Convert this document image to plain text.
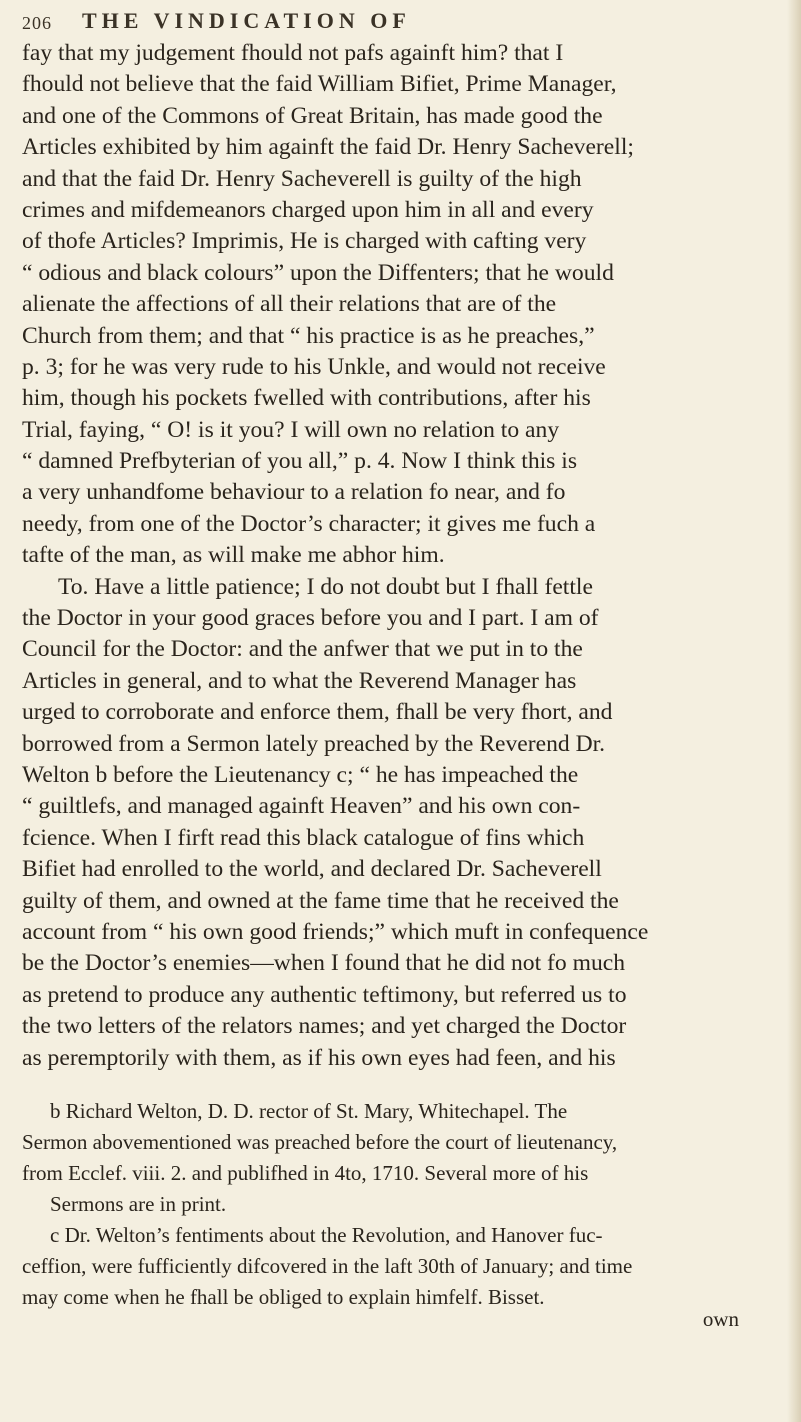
206 THE VINDICATION OF
fay that my judgement fhould not pafs againft him? that I
fhould not believe that the faid William Bifiet, Prime Manager,
and one of the Commons of Great Britain, has made good the
Articles exhibited by him againft the faid Dr. Henry Sacheverell;
and that the faid Dr. Henry Sacheverell is guilty of the high
crimes and mifdemeanors charged upon him in all and every
of thofe Articles? Imprimis, He is charged with cafting very
“ odious and black colours” upon the Diffenters; that he would
alienate the affections of all their relations that are of the
Church from them; and that “ his practice is as he preaches,”
p. 3; for he was very rude to his Unkle, and would not receive
him, though his pockets fwelled with contributions, after his
Trial, faying, “ O! is it you? I will own no relation to any
“ damned Prefbyterian of you all,” p. 4. Now I think this is
a very unhandfome behaviour to a relation fo near, and fo
needy, from one of the Doctor’s character; it gives me fuch a
tafte of the man, as will make me abhor him.
To. Have a little patience; I do not doubt but I fhall fettle
the Doctor in your good graces before you and I part. I am of
Council for the Doctor: and the anfwer that we put in to the
Articles in general, and to what the Reverend Manager has
urged to corroborate and enforce them, fhall be very fhort, and
borrowed from a Sermon lately preached by the Reverend Dr.
Welton b before the Lieutenancy c; “ he has impeached the
“ guiltlefs, and managed againft Heaven” and his own con-
fcience. When I firft read this black catalogue of fins which
Bifiet had enrolled to the world, and declared Dr. Sacheverell
guilty of them, and owned at the fame time that he received the
account from “ his own good friends;” which muft in confequence
be the Doctor’s enemies—when I found that he did not fo much
as pretend to produce any authentic teftimony, but referred us to
the two letters of the relators names; and yet charged the Doctor
as peremptorily with them, as if his own eyes had feen, and his
b Richard Welton, D. D. rector of St. Mary, Whitechapel. The
Sermon abovementioned was preached before the court of lieutenancy,
from Ecclef. viii. 2. and publifhed in 4to, 1710. Several more of his
Sermons are in print.
c Dr. Welton’s fentiments about the Revolution, and Hanover fuc-
ceffion, were fufficiently difcovered in the laft 30th of January; and time
may come when he fhall be obliged to explain himfelf. Bisset.
own
